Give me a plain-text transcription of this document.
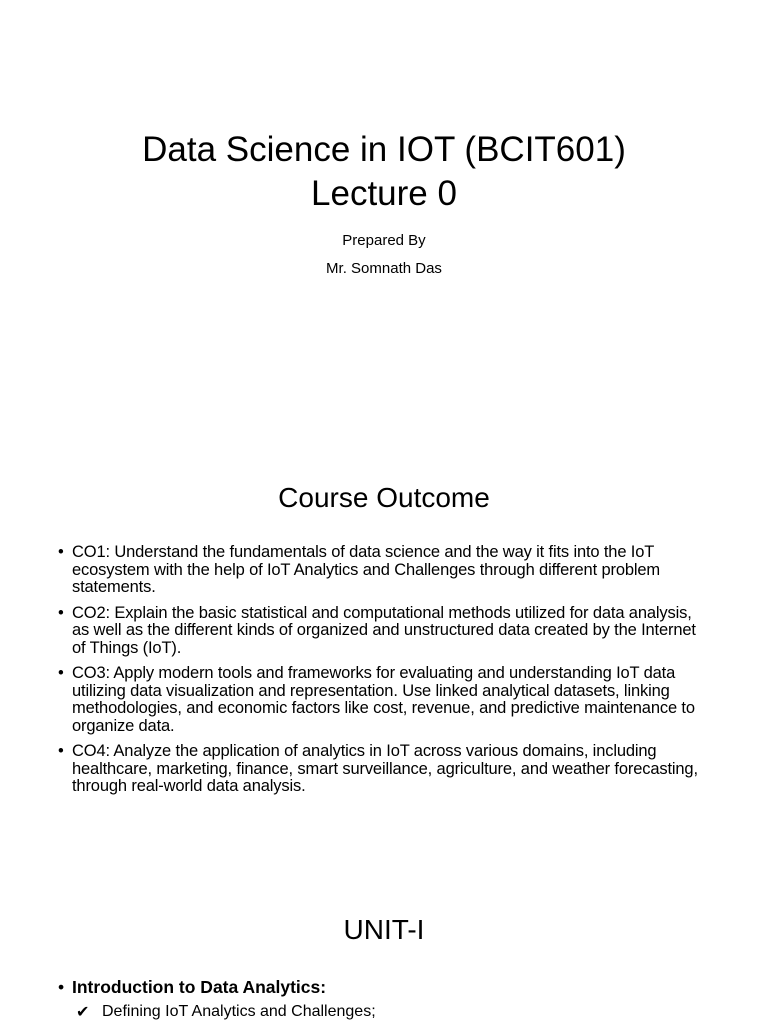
Data Science in IOT (BCIT601)
Lecture 0

Prepared By

Mr. Somnath Das

Course Outcome
• CO1: Understand the fundamentals of data science and the way it fits into the IoT ecosystem with the help of IoT Analytics and Challenges through different problem statements.
• CO2: Explain the basic statistical and computational methods utilized for data analysis, as well as the different kinds of organized and unstructured data created by the Internet of Things (IoT).
• CO3: Apply modern tools and frameworks for evaluating and understanding IoT data utilizing data visualization and representation. Use linked analytical datasets, linking methodologies, and economic factors like cost, revenue, and predictive maintenance to organize data.
• CO4: Analyze the application of analytics in IoT across various domains, including healthcare, marketing, finance, smart surveillance, agriculture, and weather forecasting, through real-world data analysis.
UNIT-I
• Introduction to Data Analytics:
✔ Defining IoT Analytics and Challenges;
